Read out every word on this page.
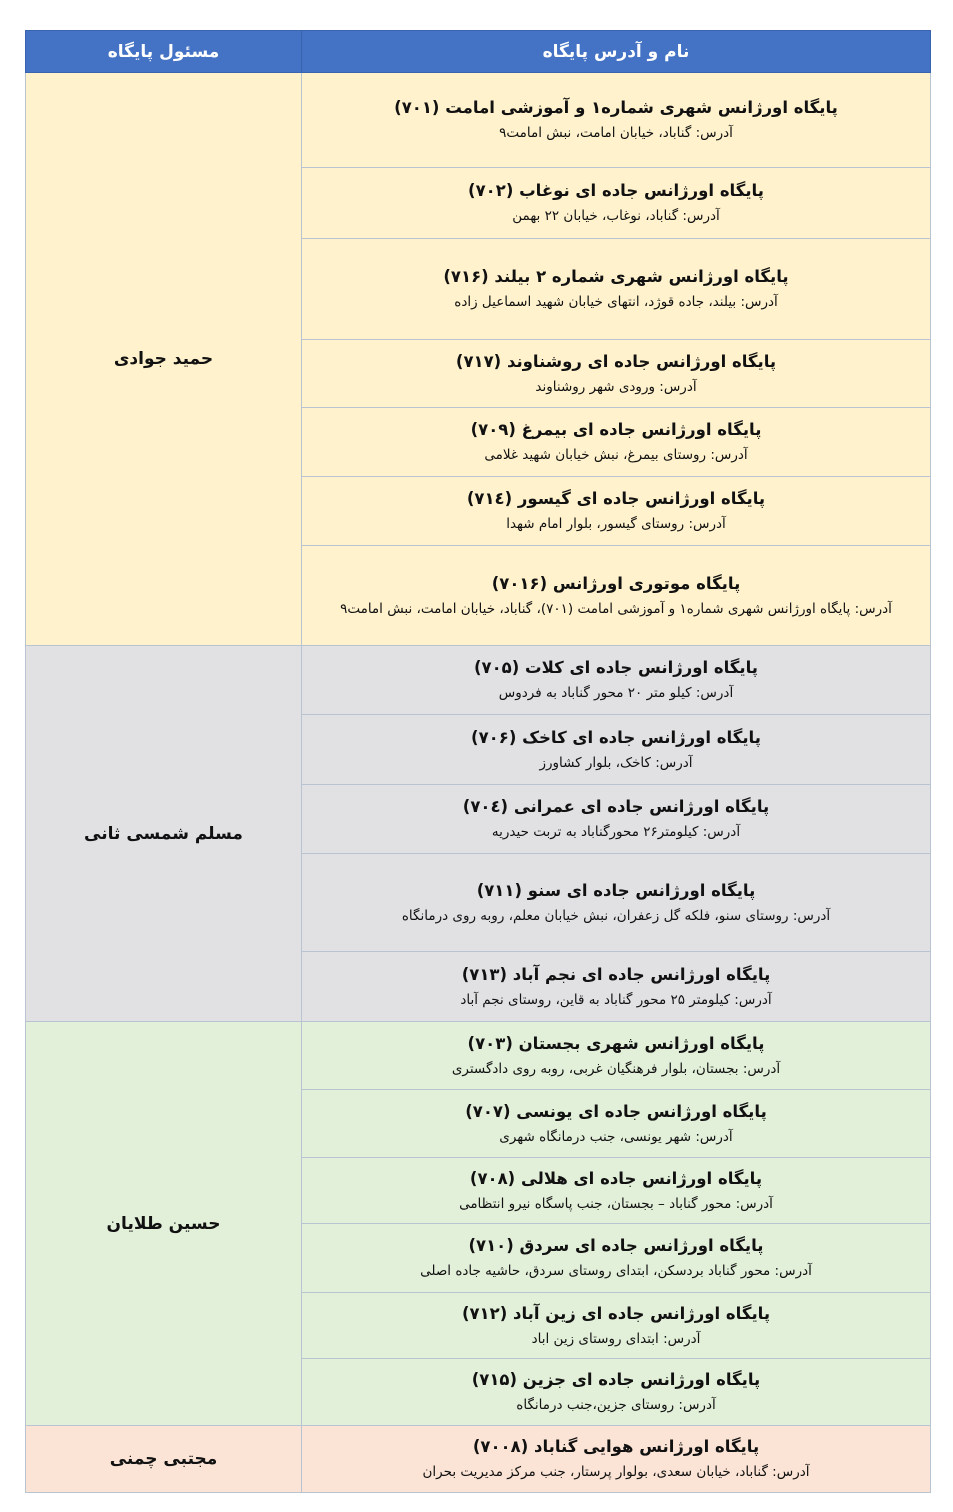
نام و آدرس پایگاه	مسئول پایگاه

پایگاه اورژانس شهری شماره۱ و آموزشی امامت (۷۰۱)
آدرس: گناباد، خیابان امامت، نبش امامت۹	حمید جوادی

پایگاه اورژانس جاده ای نوغاب (۷۰۲)
آدرس: گناباد، نوغاب، خیابان ۲۲ بهمن	

پایگاه اورژانس شهری شماره ۲ بیلند (۷۱۶)
آدرس: بیلند، جاده قوژد، انتهای خیابان شهید اسماعیل زاده	

پایگاه اورژانس جاده ای روشناوند (۷۱۷)
آدرس: ورودی شهر روشناوند	

پایگاه اورژانس جاده ای بیمرغ (۷۰۹)
آدرس: روستای بیمرغ، نبش خیابان شهید غلامی	

پایگاه اورژانس جاده ای گیسور (۷۱٤)
آدرس: روستای گیسور، بلوار امام شهدا	

پایگاه موتوری اورژانس (۷۰۱۶)
آدرس: پایگاه اورژانس شهری شماره۱ و آموزشی امامت (۷۰۱)، گناباد، خیابان امامت، نبش امامت۹	

پایگاه اورژانس جاده ای کلات (۷۰۵)
آدرس: کیلو متر ۲۰ محور گناباد به فردوس	مسلم شمسی ثانی

پایگاه اورژانس جاده ای کاخک (۷۰۶)
آدرس: کاخک، بلوار کشاورز	

پایگاه اورژانس جاده ای عمرانی (۷۰٤)
آدرس: کیلومتر۲۶ محورگناباد به تربت حیدریه	

پایگاه اورژانس جاده ای سنو (۷۱۱)
آدرس: روستای سنو، فلکه گل زعفران، نبش خیابان معلم، روبه روی درمانگاه	

پایگاه اورژانس جاده ای نجم آباد (۷۱۳)
آدرس: کیلومتر ۲۵ محور گناباد به قاین، روستای نجم آباد	

پایگاه اورژانس شهری بجستان (۷۰۳)
آدرس: بجستان، بلوار فرهنگیان غربی، روبه روی دادگستری	حسین طلایان

پایگاه اورژانس جاده ای یونسی (۷۰۷)
آدرس: شهر یونسی، جنب درمانگاه شهری	

پایگاه اورژانس جاده ای هلالی (۷۰۸)
آدرس: محور گناباد – بجستان، جنب پاسگاه نیرو انتظامی	

پایگاه اورژانس جاده ای سردق (۷۱۰)
آدرس: محور گناباد بردسکن، ابتدای روستای سردق، حاشیه جاده اصلی	

پایگاه اورژانس جاده ای زین آباد (۷۱۲)
آدرس: ابتدای روستای زین اباد	

پایگاه اورژانس جاده ای جزین (۷۱۵)
آدرس: روستای جزین،جنب درمانگاه	

پایگاه اورژانس هوایی گناباد (۷۰۰۸)
آدرس: گناباد، خیابان سعدی، بولوار پرستار، جنب مرکز مدیریت بحران	مجتبی چمنی
